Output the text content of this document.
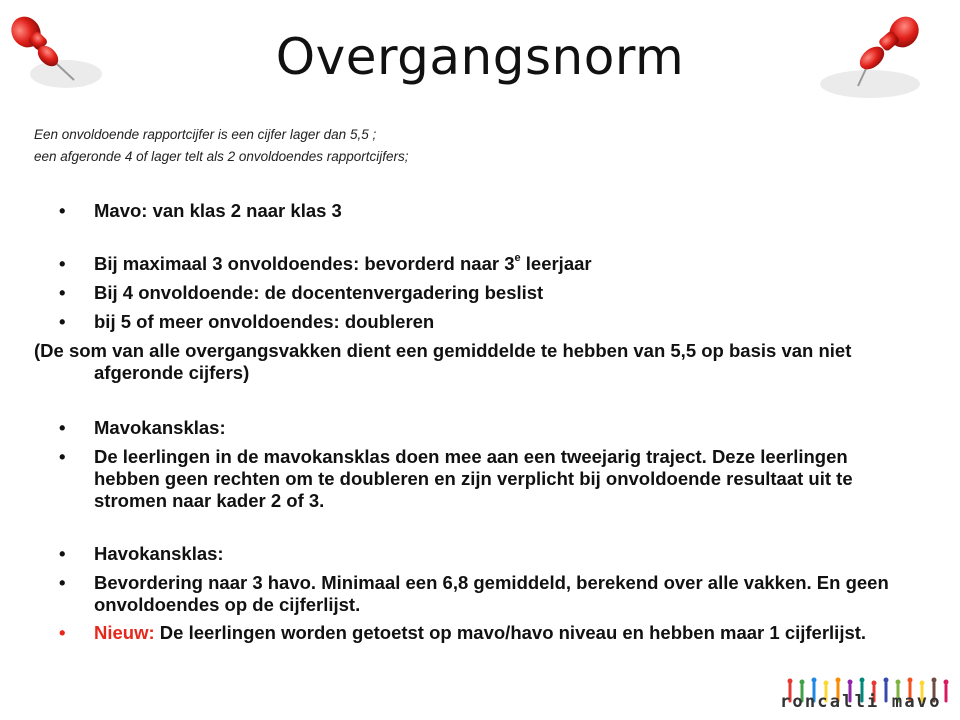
Overgangsnorm
Een onvoldoende rapportcijfer is een cijfer lager dan 5,5 ;
een afgeronde 4 of lager telt als 2 onvoldoendes rapportcijfers;
• Mavo: van klas 2 naar klas 3
• Bij maximaal 3 onvoldoendes: bevorderd naar 3e leerjaar
• Bij 4 onvoldoende: de docentenvergadering beslist
• bij 5 of meer onvoldoendes: doubleren
(De som van alle overgangsvakken dient een gemiddelde te hebben van 5,5 op basis van niet afgeronde cijfers)
• Mavokansklas:
• De leerlingen in de mavokansklas doen mee aan een tweejarig traject. Deze leerlingen hebben geen rechten om te doubleren en zijn verplicht bij onvoldoende resultaat uit te stromen naar kader 2 of 3.
• Havokansklas:
• Bevordering naar 3 havo. Minimaal een 6,8 gemiddeld, berekend over alle vakken. En geen onvoldoendes op de cijferlijst.
• Nieuw: De leerlingen worden getoetst op mavo/havo niveau en hebben maar 1 cijferlijst.
roncalli mavo
